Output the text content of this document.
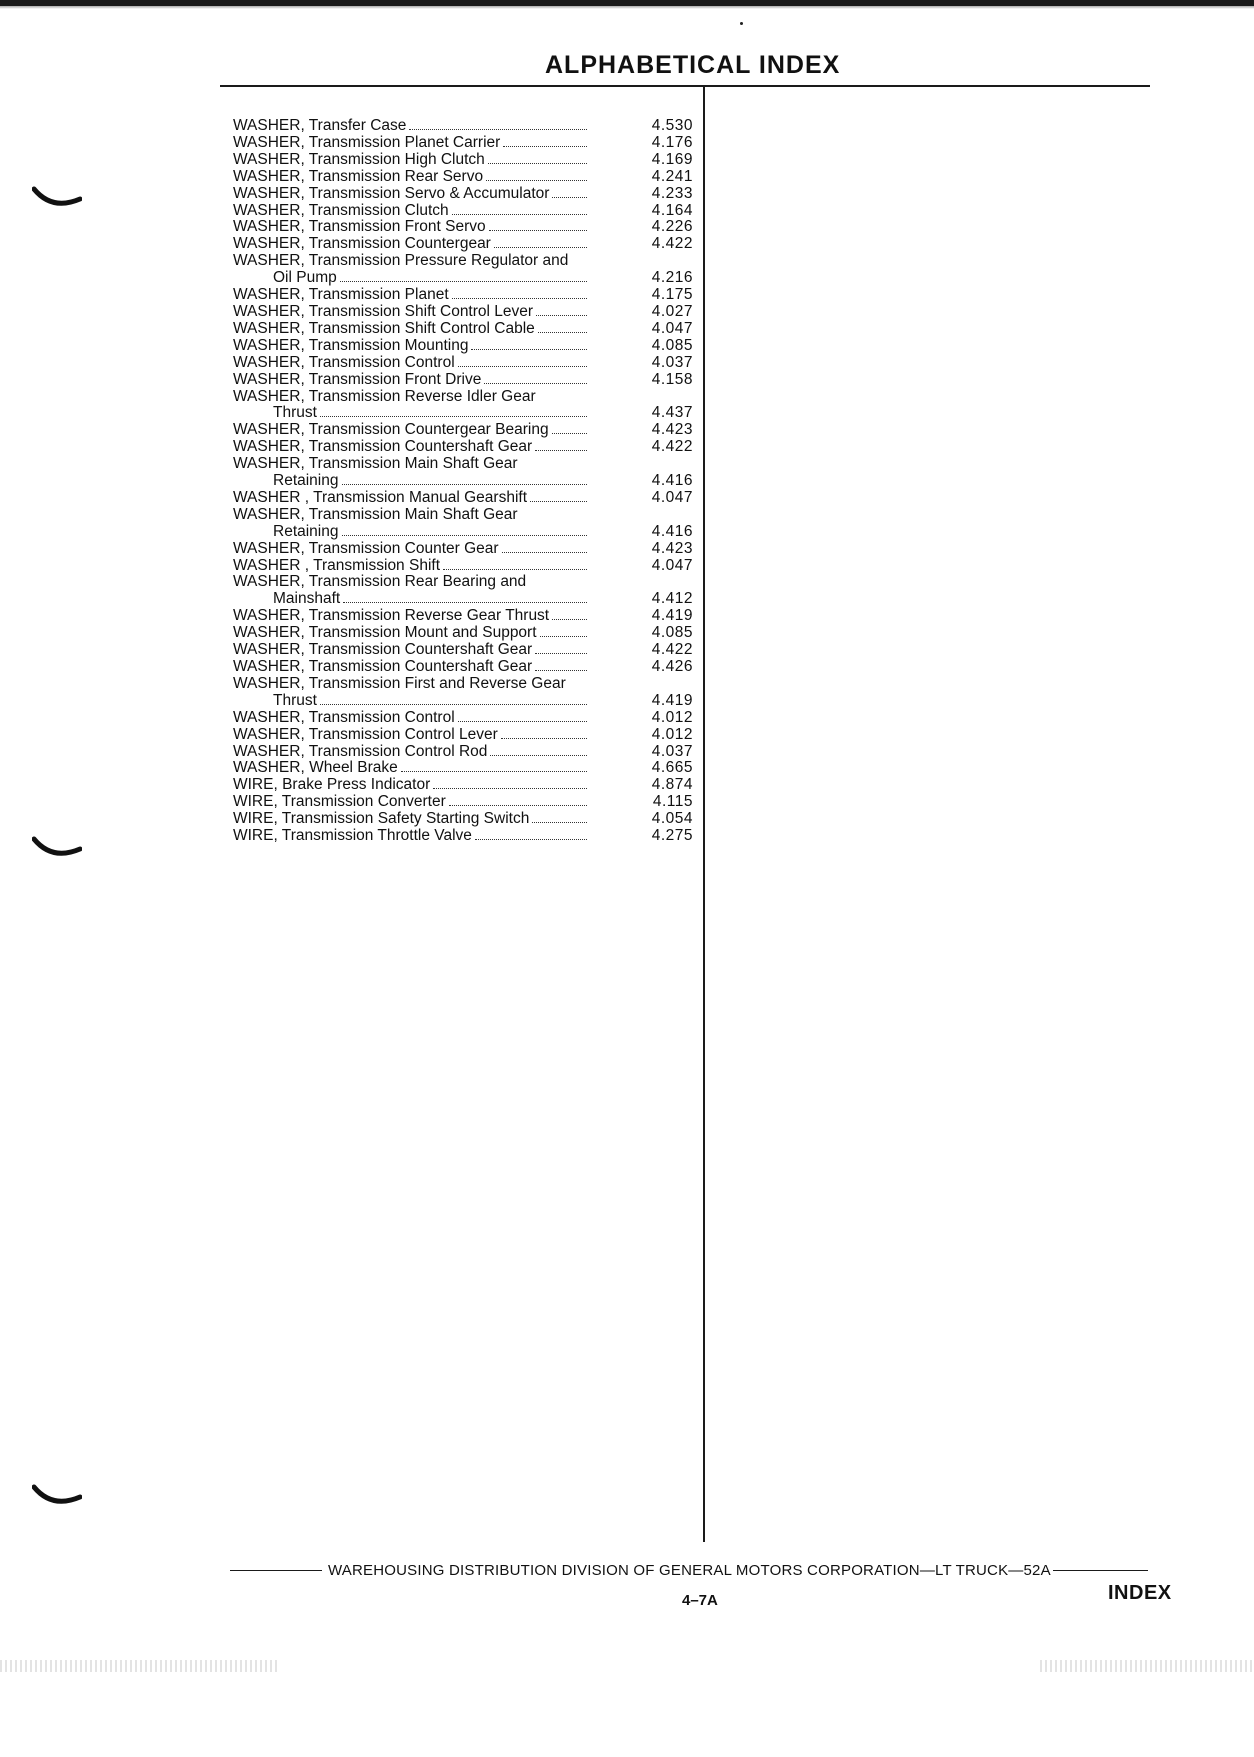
ALPHABETICAL INDEX
WASHER, Transfer Case	4.530
WASHER, Transmission Planet Carrier	4.176
WASHER, Transmission High Clutch	4.169
WASHER, Transmission Rear Servo	4.241
WASHER, Transmission Servo & Accumulator	4.233
WASHER, Transmission Clutch	4.164
WASHER, Transmission Front Servo	4.226
WASHER, Transmission Countergear	4.422
WASHER, Transmission Pressure Regulator and
Oil Pump	4.216
WASHER, Transmission Planet	4.175
WASHER, Transmission Shift Control Lever	4.027
WASHER, Transmission Shift Control Cable	4.047
WASHER, Transmission Mounting	4.085
WASHER, Transmission Control	4.037
WASHER, Transmission Front Drive	4.158
WASHER, Transmission Reverse Idler Gear
Thrust	4.437
WASHER, Transmission Countergear Bearing	4.423
WASHER, Transmission Countershaft Gear	4.422
WASHER, Transmission Main Shaft Gear
Retaining	4.416
WASHER , Transmission Manual Gearshift	4.047
WASHER, Transmission Main Shaft Gear
Retaining	4.416
WASHER, Transmission Counter Gear	4.423
WASHER , Transmission Shift	4.047
WASHER, Transmission Rear Bearing and
Mainshaft	4.412
WASHER, Transmission Reverse Gear Thrust	4.419
WASHER, Transmission Mount and Support	4.085
WASHER, Transmission Countershaft Gear	4.422
WASHER, Transmission Countershaft Gear	4.426
WASHER, Transmission First and Reverse Gear
Thrust	4.419
WASHER, Transmission Control	4.012
WASHER, Transmission Control Lever	4.012
WASHER, Transmission Control Rod	4.037
WASHER, Wheel Brake	4.665
WIRE, Brake Press Indicator	4.874
WIRE, Transmission Converter	4.115
WIRE, Transmission Safety Starting Switch	4.054
WIRE, Transmission Throttle Valve	4.275
WAREHOUSING DISTRIBUTION DIVISION OF GENERAL MOTORS CORPORATION—LT TRUCK—52A
4–7A	INDEX
